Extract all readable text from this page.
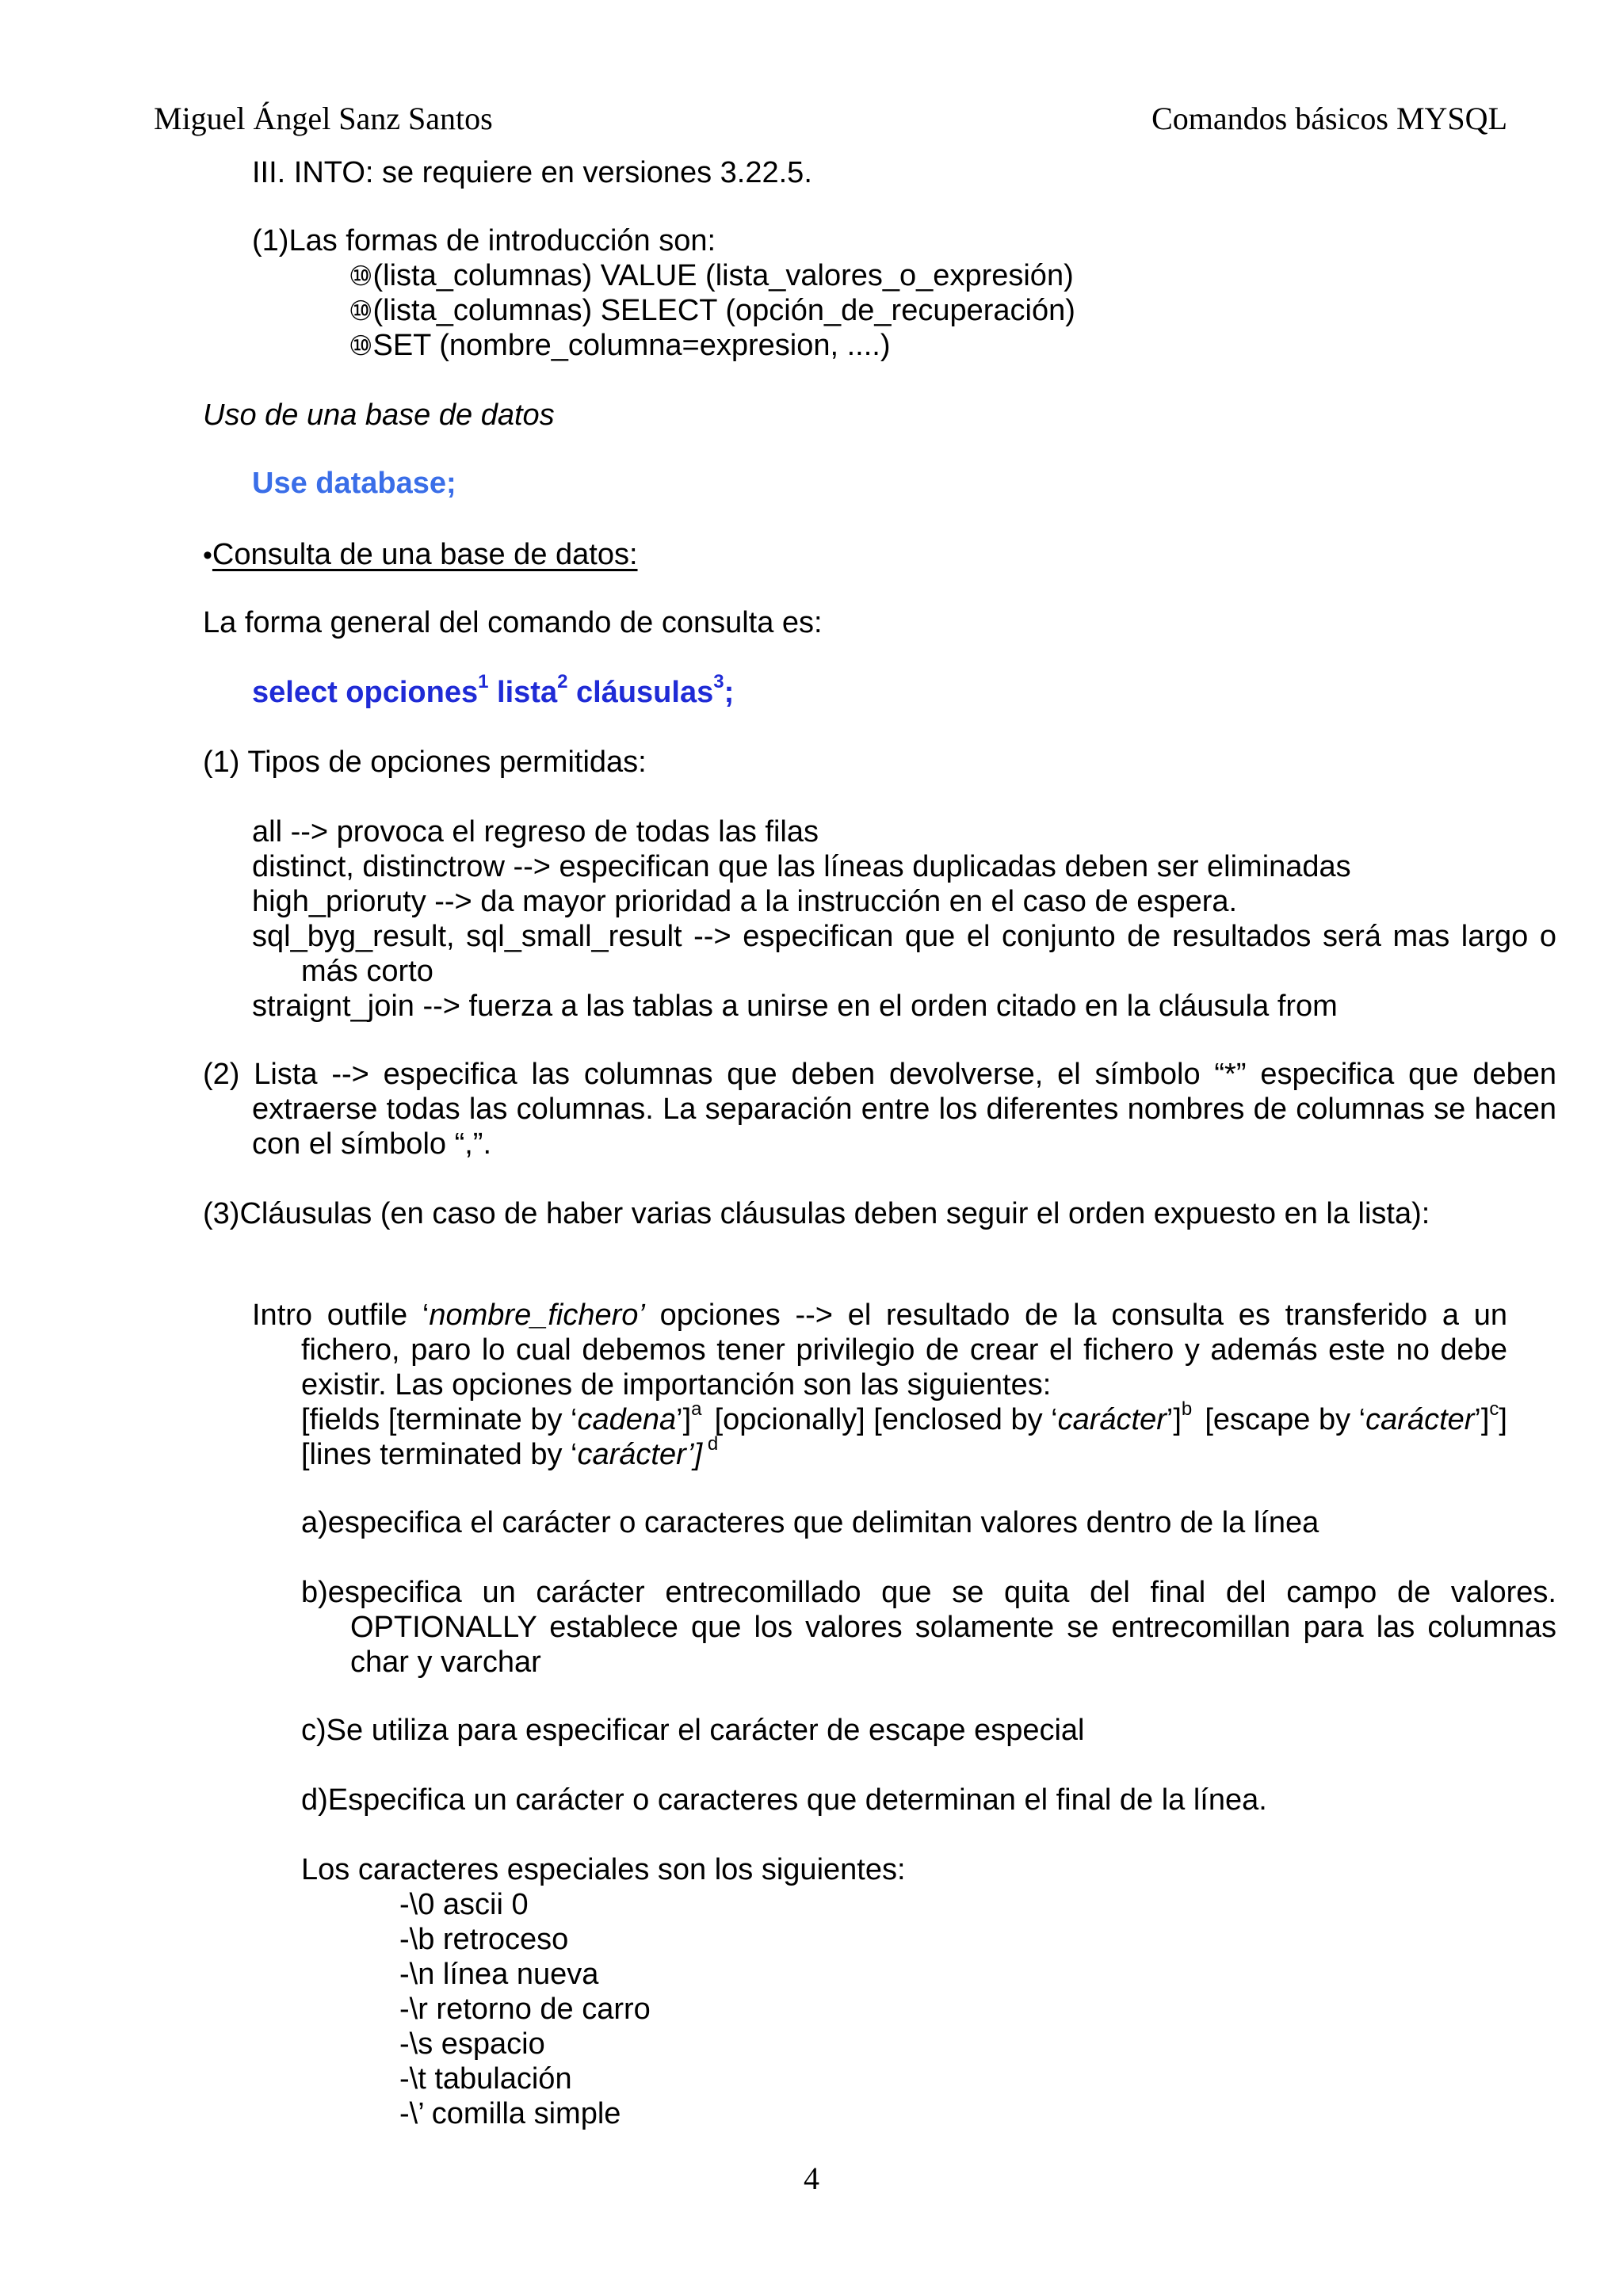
Miguel Ángel Sanz Santos	Comandos básicos MYSQL
III. INTO: se requiere en versiones 3.22.5.
(1)Las formas de introducción son:
⑩(lista_columnas) VALUE (lista_valores_o_expresión)
⑩(lista_columnas) SELECT (opción_de_recuperación)
⑩SET (nombre_columna=expresion, ....)
Uso de una base de datos
Use database;
•Consulta de una base de datos:
La forma general del comando de consulta es:
select opciones$^1$ lista$^2$ cláusulas$^3$;
(1) Tipos de opciones permitidas:
all --> provoca el regreso de todas las filas
distinct, distinctrow --> especifican que las líneas duplicadas deben ser eliminadas
high_prioruty --> da mayor prioridad a la instrucción en el caso de espera.
sql_byg_result, sql_small_result --> especifican que el conjunto de resultados será mas largo o más corto
straignt_join --> fuerza a las tablas a unirse en el orden citado en la cláusula from
(2) Lista --> especifica las columnas que deben devolverse, el símbolo “*” especifica que deben extraerse todas las columnas. La separación entre los diferentes nombres de columnas se hacen con el símbolo “,”.
(3)Cláusulas (en caso de haber varias cláusulas deben seguir el orden expuesto en la lista):
Intro outfile ‘nombre_fichero’ opciones --> el resultado de la consulta es transferido a un fichero, paro lo cual debemos tener privilegio de crear el fichero y además este no debe existir. Las opciones de importanción son las siguientes:
[fields [terminate by ‘cadena’]$^a$ [opcionally] [enclosed by ‘carácter’]$^b$ [escape by ‘carácter’]$^c$]
[lines terminated by ‘carácter’] $^d$
a)especifica el carácter o caracteres que delimitan valores dentro de la línea
b)especifica un carácter entrecomillado que se quita del final del campo de valores. OPTIONALLY establece que los valores solamente se entrecomillan para las columnas char y varchar
c)Se utiliza para especificar el carácter de escape especial
d)Especifica un carácter o caracteres que determinan el final de la línea.
Los caracteres especiales son los siguientes:
-\0 ascii 0
-\b retroceso
-\n línea nueva
-\r retorno de carro
-\s espacio
-\t tabulación
-\’ comilla simple
4
